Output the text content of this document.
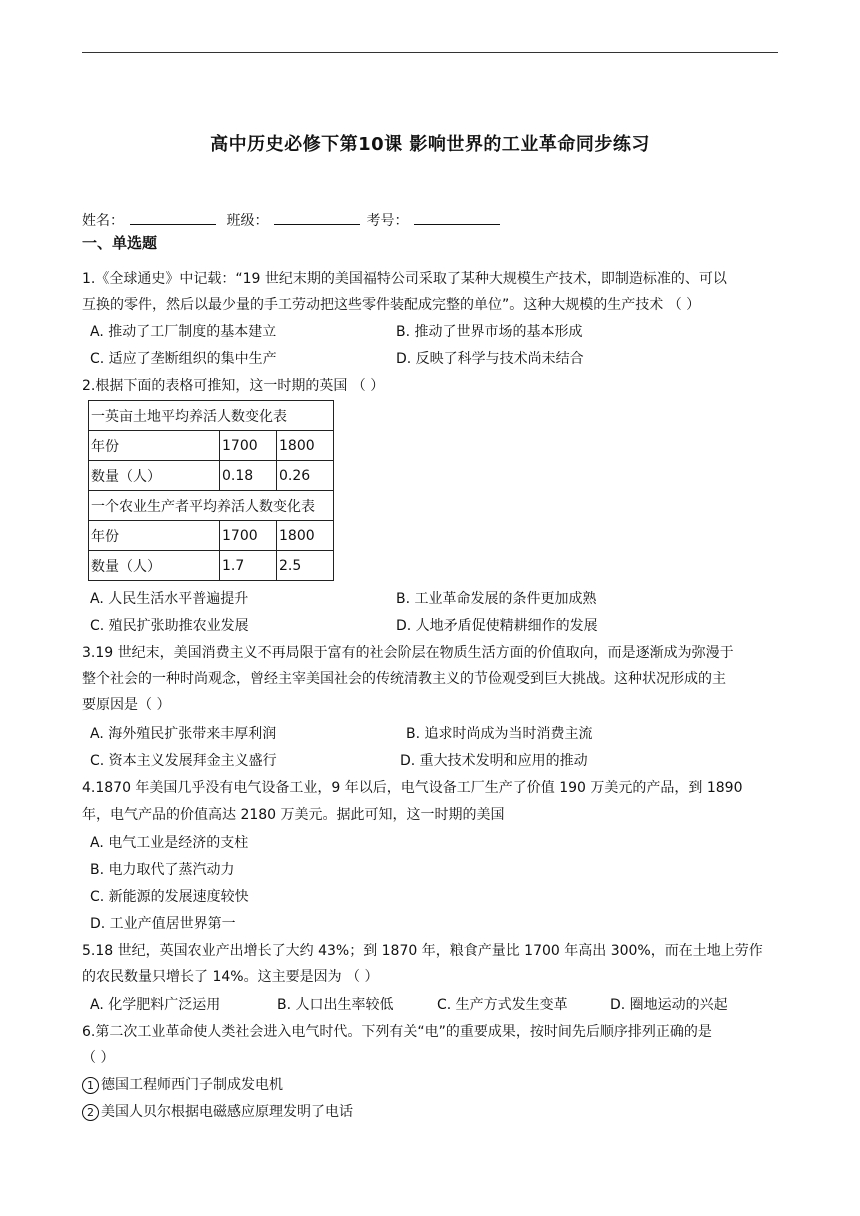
高中历史必修下第10课 影响世界的工业革命同步练习
姓名：	班级：	考号：
一、单选题
1.《全球通史》中记载：“19 世纪末期的美国福特公司采取了某种大规模生产技术，即制造标准的、可以
互换的零件，然后以最少量的手工劳动把这些零件装配成完整的单位”。这种大规模的生产技术 （ ）
A. 推动了工厂制度的基本建立	B. 推动了世界市场的基本形成
C. 适应了垄断组织的集中生产	D. 反映了科学与技术尚未结合
2.根据下面的表格可推知，这一时期的英国 （ ）
一英亩土地平均养活人数变化表		
年份	1700	1800
数量（人）	0.18	0.26
一个农业生产者平均养活人数变化表		
年份	1700	1800
数量（人）	1.7	2.5
A. 人民生活水平普遍提升	B. 工业革命发展的条件更加成熟
C. 殖民扩张助推农业发展	D. 人地矛盾促使精耕细作的发展
3.19 世纪末，美国消费主义不再局限于富有的社会阶层在物质生活方面的价值取向，而是逐渐成为弥漫于
整个社会的一种时尚观念，曾经主宰美国社会的传统清教主义的节俭观受到巨大挑战。这种状况形成的主
要原因是（ ）
A. 海外殖民扩张带来丰厚利润	B. 追求时尚成为当时消费主流
C. 资本主义发展拜金主义盛行	D. 重大技术发明和应用的推动
4.1870 年美国几乎没有电气设备工业，9 年以后，电气设备工厂生产了价值 190 万美元的产品，到 1890
年，电气产品的价值高达 2180 万美元。据此可知，这一时期的美国
A. 电气工业是经济的支柱
B. 电力取代了蒸汽动力
C. 新能源的发展速度较快
D. 工业产值居世界第一
5.18 世纪，英国农业产出增长了大约 43%；到 1870 年，粮食产量比 1700 年高出 300%，而在土地上劳作
的农民数量只增长了 14%。这主要是因为 （ ）
A. 化学肥料广泛运用	B. 人口出生率较低	C. 生产方式发生变革	D. 圈地运动的兴起
6.第二次工业革命使人类社会进入电气时代。下列有关“电”的重要成果，按时间先后顺序排列正确的是
（ ）
1 德国工程师西门子制成发电机
2 美国人贝尔根据电磁感应原理发明了电话
